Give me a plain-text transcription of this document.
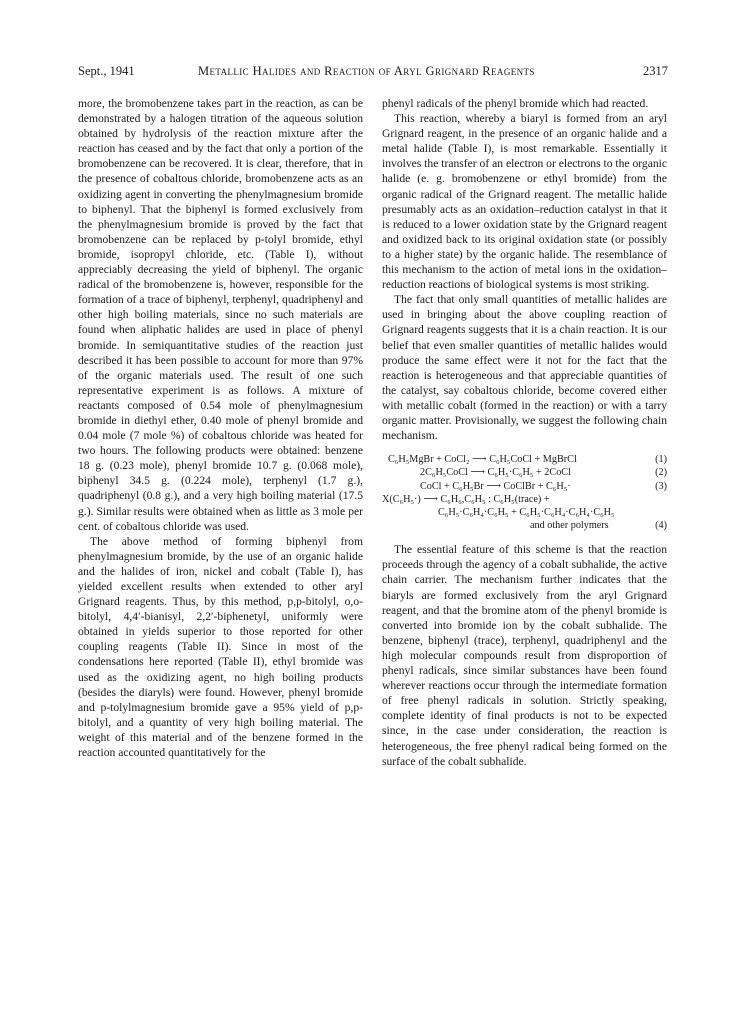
Sept., 1941	Metallic Halides and Reaction of Aryl Grignard Reagents	2317

more, the bromobenzene takes part in the reaction, as can be demonstrated by a halogen titration of the aqueous solution obtained by hydrolysis of the reaction mixture after the reaction has ceased and by the fact that only a portion of the bromobenzene can be recovered. It is clear, therefore, that in the presence of cobaltous chloride, bromobenzene acts as an oxidizing agent in converting the phenylmagnesium bromide to biphenyl. That the biphenyl is formed exclusively from the phenylmagnesium bromide is proved by the fact that bromobenzene can be replaced by p-tolyl bromide, ethyl bromide, isopropyl chloride, etc. (Table I), without appreciably decreasing the yield of biphenyl. The organic radical of the bromobenzene is, however, responsible for the formation of a trace of biphenyl, terphenyl, quadriphenyl and other high boiling materials, since no such materials are found when aliphatic halides are used in place of phenyl bromide. In semiquantitative studies of the reaction just described it has been possible to account for more than 97% of the organic materials used. The result of one such representative experiment is as follows. A mixture of reactants composed of 0.54 mole of phenylmagnesium bromide in diethyl ether, 0.40 mole of phenyl bromide and 0.04 mole (7 mole %) of cobaltous chloride was heated for two hours. The following products were obtained: benzene 18 g. (0.23 mole), phenyl bromide 10.7 g. (0.068 mole), biphenyl 34.5 g. (0.224 mole), terphenyl (1.7 g.), quadriphenyl (0.8 g.), and a very high boiling material (17.5 g.). Similar results were obtained when as little as 3 mole per cent. of cobaltous chloride was used.

The above method of forming biphenyl from phenylmagnesium bromide, by the use of an organic halide and the halides of iron, nickel and cobalt (Table I), has yielded excellent results when extended to other aryl Grignard reagents. Thus, by this method, p,p-bitolyl, o,o-bitolyl, 4,4′-bianisyl, 2,2′-biphenetyl, uniformly were obtained in yields superior to those reported for other coupling reagents (Table II). Since in most of the condensations here reported (Table II), ethyl bromide was used as the oxidizing agent, no high boiling products (besides the diaryls) were found. However, phenyl bromide and p-tolylmagnesium bromide gave a 95% yield of p,p-bitolyl, and a quantity of very high boiling material. The weight of this material and of the benzene formed in the reaction accounted quantitatively for the

phenyl radicals of the phenyl bromide which had reacted.

This reaction, whereby a biaryl is formed from an aryl Grignard reagent, in the presence of an organic halide and a metal halide (Table I), is most remarkable. Essentially it involves the transfer of an electron or electrons to the organic halide (e. g. bromobenzene or ethyl bromide) from the organic radical of the Grignard reagent. The metallic halide presumably acts as an oxidation–reduction catalyst in that it is reduced to a lower oxidation state by the Grignard reagent and oxidized back to its original oxidation state (or possibly to a higher state) by the organic halide. The resemblance of this mechanism to the action of metal ions in the oxidation–reduction reactions of biological systems is most striking.

The fact that only small quantities of metallic halides are used in bringing about the above coupling reaction of Grignard reagents suggests that it is a chain reaction. It is our belief that even smaller quantities of metallic halides would produce the same effect were it not for the fact that the reaction is heterogeneous and that appreciable quantities of the catalyst, say cobaltous chloride, become covered either with metallic cobalt (formed in the reaction) or with a tarry organic matter. Provisionally, we suggest the following chain mechanism.

C₆H₅MgBr + CoCl₂ ⟶ C₆H₅CoCl + MgBrCl	(1)
2C₆H₅CoCl ⟶ C₆H₅·C₆H₅ + 2CoCl	(2)
CoCl + C₆H₅Br ⟶ CoClBr + C₆H₅·	(3)
X(C₆H₅·) ⟶ C₆H₆,C₆H₅ : C₆H₅(trace) +
C₆H₅·C₆H₄·C₆H₅ + C₆H₅·C₆H₄·C₆H₄·C₆H₅
and other polymers	(4)

The essential feature of this scheme is that the reaction proceeds through the agency of a cobalt subhalide, the active chain carrier. The mechanism further indicates that the biaryls are formed exclusively from the aryl Grignard reagent, and that the bromine atom of the phenyl bromide is converted into bromide ion by the cobalt subhalide. The benzene, biphenyl (trace), terphenyl, quadriphenyl and the high molecular compounds result from disproportion of phenyl radicals, since similar substances have been found wherever reactions occur through the intermediate formation of free phenyl radicals in solution. Strictly speaking, complete identity of final products is not to be expected since, in the case under consideration, the reaction is heterogeneous, the free phenyl radical being formed on the surface of the cobalt subhalide.
